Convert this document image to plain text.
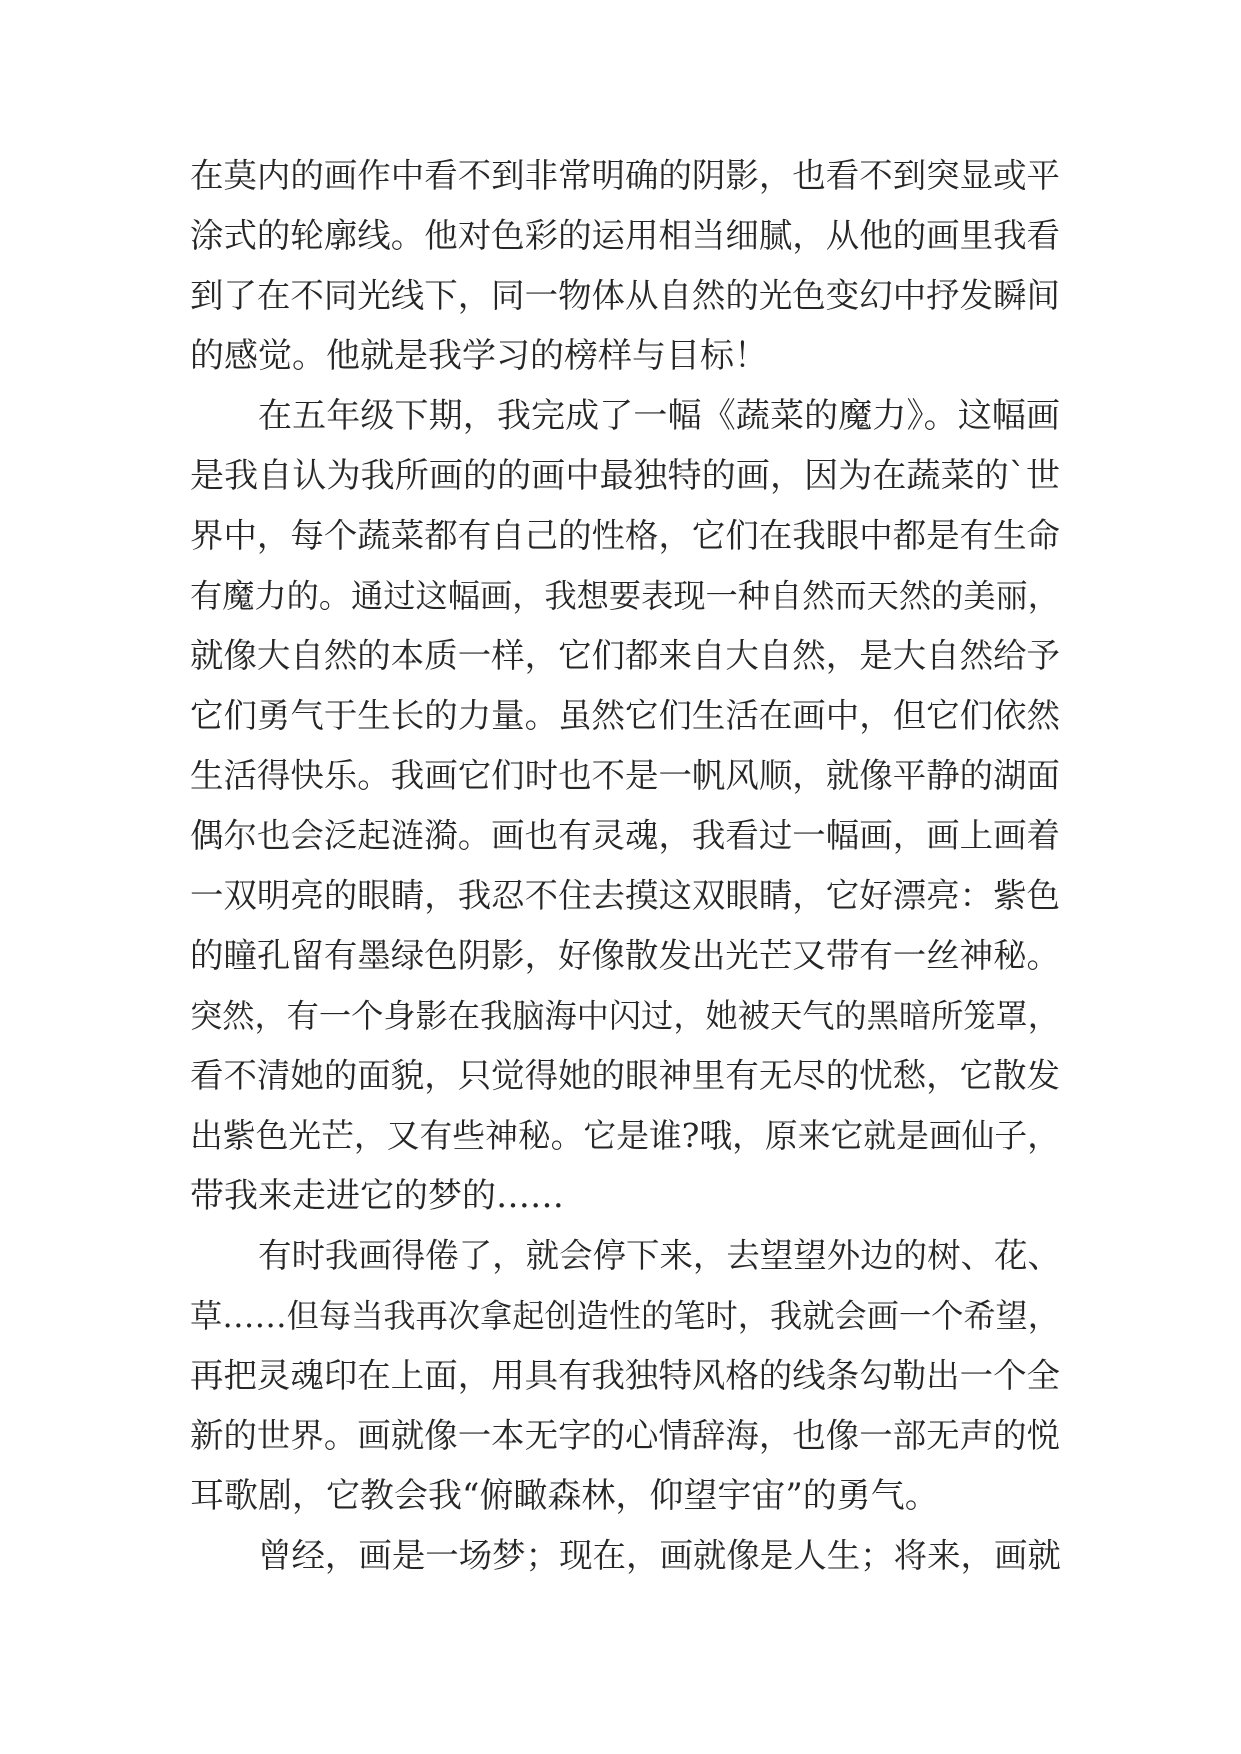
在莫内的画作中看不到非常明确的阴影，也看不到突显或平
涂式的轮廓线。他对色彩的运用相当细腻，从他的画里我看
到了在不同光线下，同一物体从自然的光色变幻中抒发瞬间
的感觉。他就是我学习的榜样与目标！
在五年级下期，我完成了一幅《蔬菜的魔力》。这幅画
是我自认为我所画的的画中最独特的画，因为在蔬菜的`世
界中，每个蔬菜都有自己的性格，它们在我眼中都是有生命
有魔力的。通过这幅画，我想要表现一种自然而天然的美丽，
就像大自然的本质一样，它们都来自大自然，是大自然给予
它们勇气于生长的力量。虽然它们生活在画中，但它们依然
生活得快乐。我画它们时也不是一帆风顺，就像平静的湖面
偶尔也会泛起涟漪。画也有灵魂，我看过一幅画，画上画着
一双明亮的眼睛，我忍不住去摸这双眼睛，它好漂亮：紫色
的瞳孔留有墨绿色阴影，好像散发出光芒又带有一丝神秘。
突然，有一个身影在我脑海中闪过，她被天气的黑暗所笼罩，
看不清她的面貌，只觉得她的眼神里有无尽的忧愁，它散发
出紫色光芒，又有些神秘。它是谁?哦，原来它就是画仙子，
带我来走进它的梦的……
有时我画得倦了，就会停下来，去望望外边的树、花、
草……但每当我再次拿起创造性的笔时，我就会画一个希望，
再把灵魂印在上面，用具有我独特风格的线条勾勒出一个全
新的世界。画就像一本无字的心情辞海，也像一部无声的悦
耳歌剧，它教会我“俯瞰森林，仰望宇宙”的勇气。
曾经，画是一场梦；现在，画就像是人生；将来，画就
